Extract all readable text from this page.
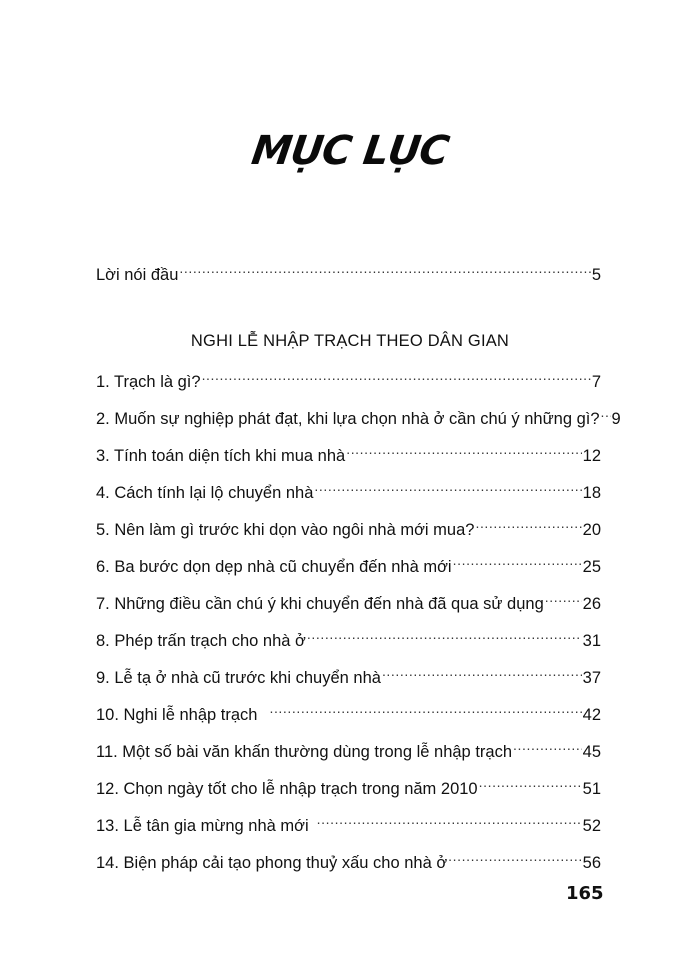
MỤC LỤC
Lời nói đầu .....	5
NGHI LỄ NHẬP TRẠCH THEO DÂN GIAN
1. Trạch là gì? .....	7
2. Muốn sự nghiệp phát đạt, khi lựa chọn nhà ở cần chú ý những gì? ..... 9
3. Tính toán diện tích khi mua nhà .....	12
4. Cách tính lại lộ chuyển nhà .....	18
5. Nên làm gì trước khi dọn vào ngôi nhà mới mua? .....	20
6. Ba bước dọn dẹp nhà cũ chuyển đến nhà mới .....	25
7. Những điều cần chú ý khi chuyển đến nhà đã qua sử dụng ..... 26
8. Phép trấn trạch cho nhà ở .....	31
9. Lễ tạ ở nhà cũ trước khi chuyển nhà .....	37
10. Nghi lễ nhập trạch .....	42
11. Một số bài văn khấn thường dùng trong lễ nhập trạch .....	45
12. Chọn ngày tốt cho lễ nhập trạch trong năm 2010 .....	51
13. Lễ tân gia mừng nhà mới .....	52
14. Biện pháp cải tạo phong thuỷ xấu cho nhà ở .....	56
165
